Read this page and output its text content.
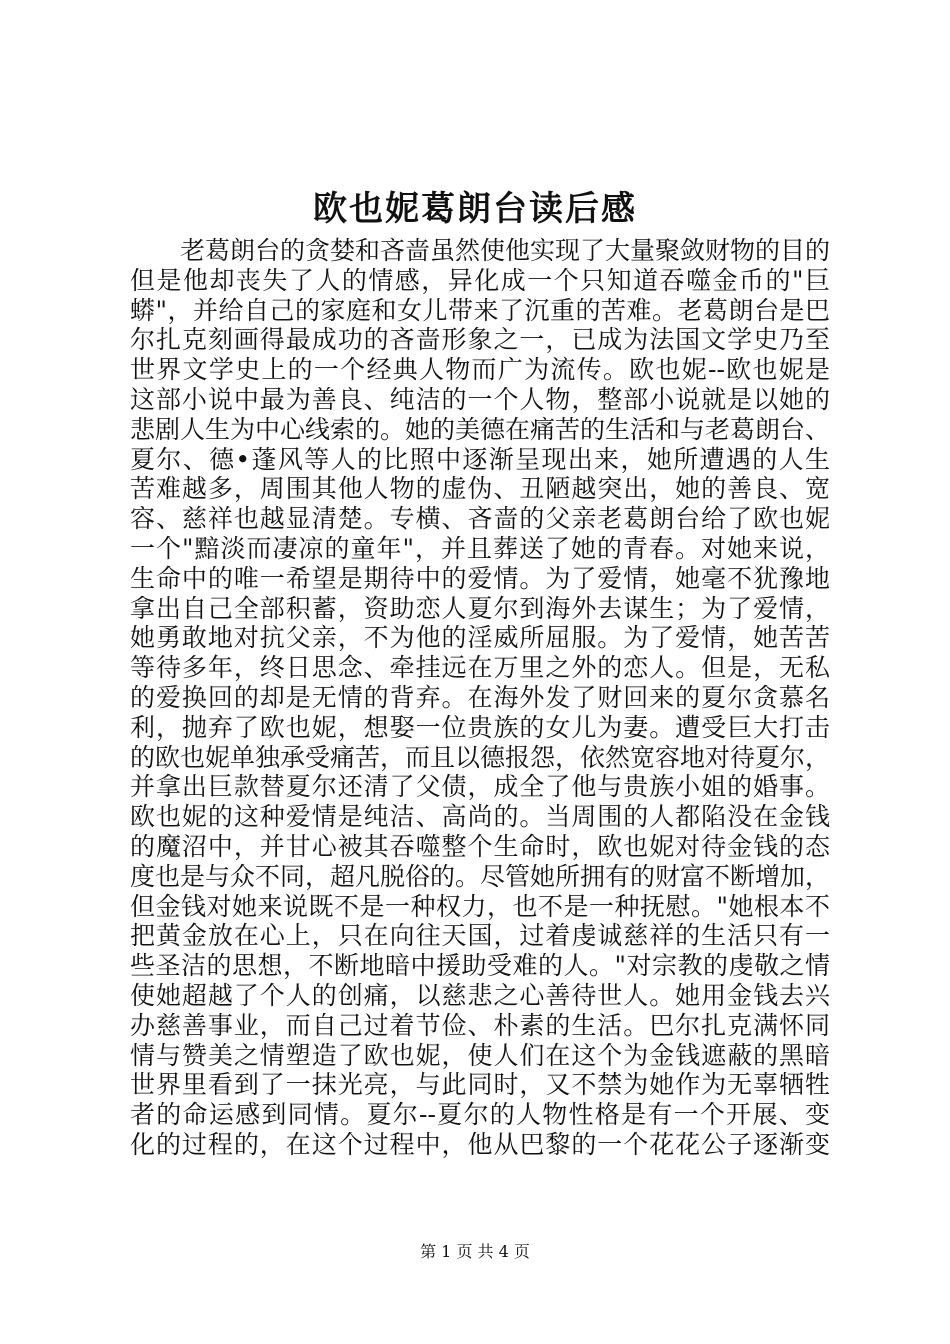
欧也妮葛朗台读后感
老葛朗台的贪婪和吝啬虽然使他实现了大量聚敛财物的目的
但是他却丧失了人的情感，异化成一个只知道吞噬金币的"巨
蟒"，并给自己的家庭和女儿带来了沉重的苦难。老葛朗台是巴
尔扎克刻画得最成功的吝啬形象之一，已成为法国文学史乃至
世界文学史上的一个经典人物而广为流传。欧也妮--欧也妮是
这部小说中最为善良、纯洁的一个人物，整部小说就是以她的
悲剧人生为中心线索的。她的美德在痛苦的生活和与老葛朗台、
夏尔、德•蓬风等人的比照中逐渐呈现出来，她所遭遇的人生
苦难越多，周围其他人物的虚伪、丑陋越突出，她的善良、宽
容、慈祥也越显清楚。专横、吝啬的父亲老葛朗台给了欧也妮
一个"黯淡而凄凉的童年"，并且葬送了她的青春。对她来说，
生命中的唯一希望是期待中的爱情。为了爱情，她毫不犹豫地
拿出自己全部积蓄，资助恋人夏尔到海外去谋生；为了爱情，
她勇敢地对抗父亲，不为他的淫威所屈服。为了爱情，她苦苦
等待多年，终日思念、牵挂远在万里之外的恋人。但是，无私
的爱换回的却是无情的背弃。在海外发了财回来的夏尔贪慕名
利，抛弃了欧也妮，想娶一位贵族的女儿为妻。遭受巨大打击
的欧也妮单独承受痛苦，而且以德报怨，依然宽容地对待夏尔，
并拿出巨款替夏尔还清了父债，成全了他与贵族小姐的婚事。
欧也妮的这种爱情是纯洁、高尚的。当周围的人都陷没在金钱
的魔沼中，并甘心被其吞噬整个生命时，欧也妮对待金钱的态
度也是与众不同，超凡脱俗的。尽管她所拥有的财富不断增加，
但金钱对她来说既不是一种权力，也不是一种抚慰。"她根本不
把黄金放在心上，只在向往天国，过着虔诚慈祥的生活只有一
些圣洁的思想，不断地暗中援助受难的人。"对宗教的虔敬之情
使她超越了个人的创痛，以慈悲之心善待世人。她用金钱去兴
办慈善事业，而自己过着节俭、朴素的生活。巴尔扎克满怀同
情与赞美之情塑造了欧也妮，使人们在这个为金钱遮蔽的黑暗
世界里看到了一抹光亮，与此同时，又不禁为她作为无辜牺牲
者的命运感到同情。夏尔--夏尔的人物性格是有一个开展、变
化的过程的，在这个过程中，他从巴黎的一个花花公子逐渐变
第 1 页 共 4 页
